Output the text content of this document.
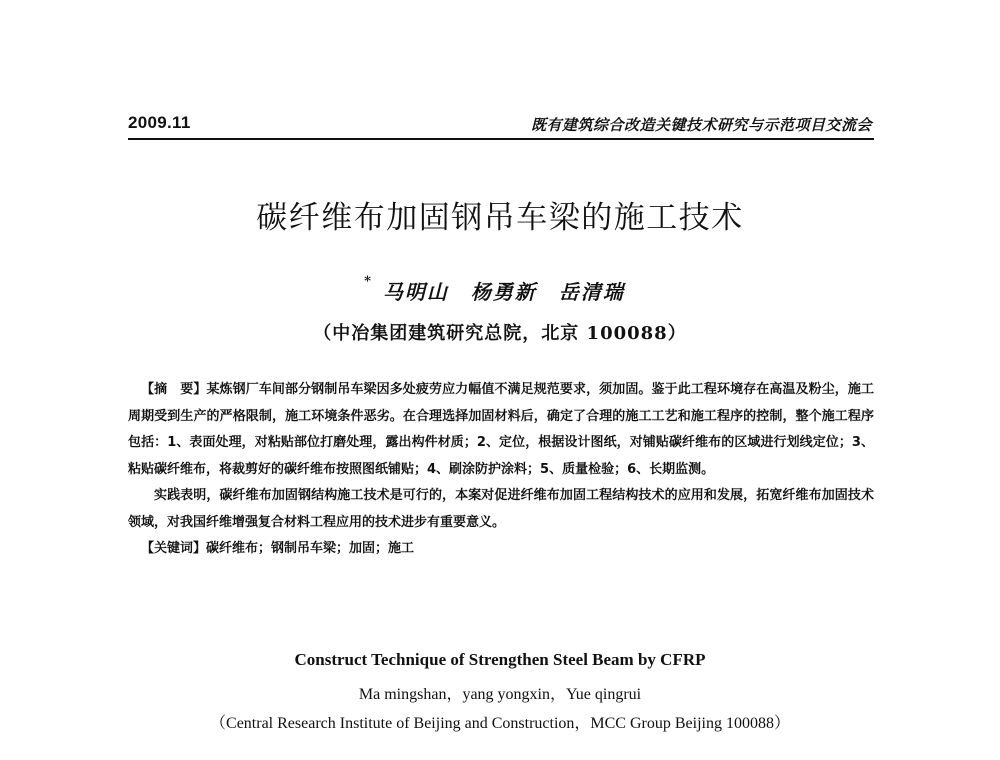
2009.11	既有建筑综合改造关键技术研究与示范项目交流会
碳纤维布加固钢吊车梁的施工技术
* 马明山 杨勇新 岳清瑞
（中冶集团建筑研究总院，北京 100088）

【摘　要】某炼钢厂车间部分钢制吊车梁因多处疲劳应力幅值不满足规范要求，须加固。鉴于此工程环境存在高温及粉尘，施工周期受到生产的严格限制，施工环境条件恶劣。在合理选择加固材料后，确定了合理的施工工艺和施工程序的控制，整个施工程序包括：1、表面处理，对粘贴部位打磨处理，露出构件材质；2、定位，根据设计图纸，对铺贴碳纤维布的区域进行划线定位；3、粘贴碳纤维布，将裁剪好的碳纤维布按照图纸铺贴；4、刷涂防护涂料；5、质量检验；6、长期监测。

实践表明，碳纤维布加固钢结构施工技术是可行的，本案对促进纤维布加固工程结构技术的应用和发展，拓宽纤维布加固技术领域，对我国纤维增强复合材料工程应用的技术进步有重要意义。

【关键词】碳纤维布；钢制吊车梁；加固；施工

Construct Technique of Strengthen Steel Beam by CFRP
Ma mingshan，yang yongxin，Yue qingrui
（Central Research Institute of Beijing and Construction，MCC Group Beijing 100088）
